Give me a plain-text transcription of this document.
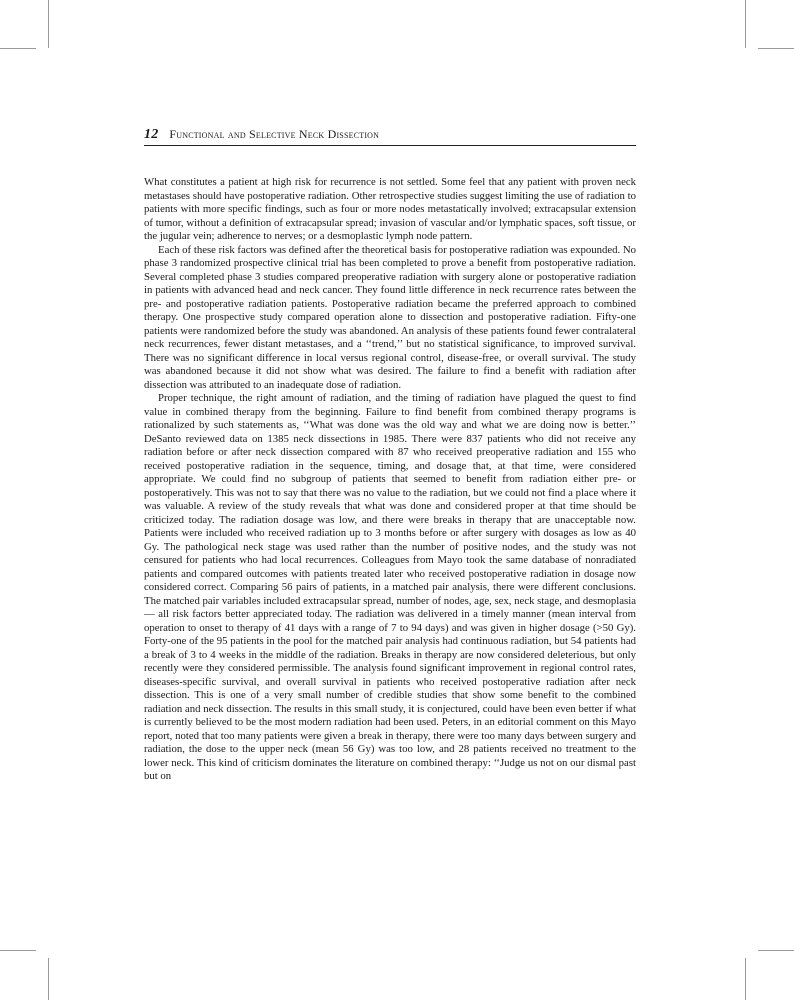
12 Functional and Selective Neck Dissection

What constitutes a patient at high risk for recurrence is not settled. Some feel that any patient with proven neck metastases should have postoperative radiation. Other retrospective studies suggest limiting the use of radiation to patients with more specific findings, such as four or more nodes metastatically involved; extracapsular extension of tumor, without a definition of extracapsular spread; invasion of vascular and/or lymphatic spaces, soft tissue, or the jugular vein; adherence to nerves; or a desmoplastic lymph node pattern.

Each of these risk factors was defined after the theoretical basis for postoperative radiation was expounded. No phase 3 randomized prospective clinical trial has been completed to prove a benefit from postoperative radiation. Several completed phase 3 studies compared preoperative radiation with surgery alone or postoperative radiation in patients with advanced head and neck cancer. They found little difference in neck recurrence rates between the pre- and postoperative radiation patients. Postoperative radiation became the preferred approach to combined therapy. One prospective study compared operation alone to dissection and postoperative radiation. Fifty-one patients were randomized before the study was abandoned. An analysis of these patients found fewer contralateral neck recurrences, fewer distant metastases, and a ‘‘trend,’’ but no statistical significance, to improved survival. There was no significant difference in local versus regional control, disease-free, or overall survival. The study was abandoned because it did not show what was desired. The failure to find a benefit with radiation after dissection was attributed to an inadequate dose of radiation.

Proper technique, the right amount of radiation, and the timing of radiation have plagued the quest to find value in combined therapy from the beginning. Failure to find benefit from combined therapy programs is rationalized by such statements as, ‘‘What was done was the old way and what we are doing now is better.’’ DeSanto reviewed data on 1385 neck dissections in 1985. There were 837 patients who did not receive any radiation before or after neck dissection compared with 87 who received preoperative radiation and 155 who received postoperative radiation in the sequence, timing, and dosage that, at that time, were considered appropriate. We could find no subgroup of patients that seemed to benefit from radiation either pre- or postoperatively. This was not to say that there was no value to the radiation, but we could not find a place where it was valuable. A review of the study reveals that what was done and considered proper at that time should be criticized today. The radiation dosage was low, and there were breaks in therapy that are unacceptable now. Patients were included who received radiation up to 3 months before or after surgery with dosages as low as 40 Gy. The pathological neck stage was used rather than the number of positive nodes, and the study was not censured for patients who had local recurrences. Colleagues from Mayo took the same database of nonradiated patients and compared outcomes with patients treated later who received postoperative radiation in dosage now considered correct. Comparing 56 pairs of patients, in a matched pair analysis, there were different conclusions. The matched pair variables included extracapsular spread, number of nodes, age, sex, neck stage, and desmoplasia — all risk factors better appreciated today. The radiation was delivered in a timely manner (mean interval from operation to onset to therapy of 41 days with a range of 7 to 94 days) and was given in higher dosage (>50 Gy). Forty-one of the 95 patients in the pool for the matched pair analysis had continuous radiation, but 54 patients had a break of 3 to 4 weeks in the middle of the radiation. Breaks in therapy are now considered deleterious, but only recently were they considered permissible. The analysis found significant improvement in regional control rates, diseases-specific survival, and overall survival in patients who received postoperative radiation after neck dissection. This is one of a very small number of credible studies that show some benefit to the combined radiation and neck dissection. The results in this small study, it is conjectured, could have been even better if what is currently believed to be the most modern radiation had been used. Peters, in an editorial comment on this Mayo report, noted that too many patients were given a break in therapy, there were too many days between surgery and radiation, the dose to the upper neck (mean 56 Gy) was too low, and 28 patients received no treatment to the lower neck. This kind of criticism dominates the literature on combined therapy: ‘‘Judge us not on our dismal past but on
